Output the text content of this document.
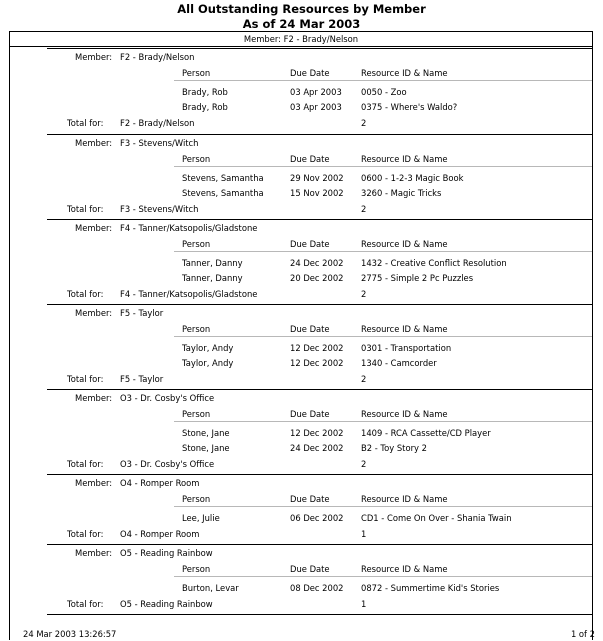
All Outstanding Resources by Member
As of 24 Mar 2003
Member: F2 - Brady/Nelson
Member: F2 - Brady/Nelson
Person	Due Date	Resource ID & Name
Brady, Rob	03 Apr 2003 0050 - Zoo
Brady, Rob	03 Apr 2003 0375 - Where's Waldo?
Total for: F2 - Brady/Nelson	2
Member: F3 - Stevens/Witch
Person	Due Date	Resource ID & Name
Stevens, Samantha	29 Nov 2002 0600 - 1-2-3 Magic Book
Stevens, Samantha	15 Nov 2002 3260 - Magic Tricks
Total for: F3 - Stevens/Witch	2
Member: F4 - Tanner/Katsopolis/Gladstone
Person	Due Date	Resource ID & Name
Tanner, Danny	24 Dec 2002 1432 - Creative Conflict Resolution
Tanner, Danny	20 Dec 2002 2775 - Simple 2 Pc Puzzles
Total for: F4 - Tanner/Katsopolis/Gladstone	2
Member: F5 - Taylor
Person	Due Date	Resource ID & Name
Taylor, Andy	12 Dec 2002 0301 - Transportation
Taylor, Andy	12 Dec 2002 1340 - Camcorder
Total for: F5 - Taylor	2
Member: O3 - Dr. Cosby's Office
Person	Due Date	Resource ID & Name
Stone, Jane	12 Dec 2002 1409 - RCA Cassette/CD Player
Stone, Jane	24 Dec 2002 B2 - Toy Story 2
Total for: O3 - Dr. Cosby's Office	2
Member: O4 - Romper Room
Person	Due Date	Resource ID & Name
Lee, Julie	06 Dec 2002 CD1 - Come On Over - Shania Twain
Total for: O4 - Romper Room	1
Member: O5 - Reading Rainbow
Person	Due Date	Resource ID & Name
Burton, Levar	08 Dec 2002 0872 - Summertime Kid's Stories
Total for: O5 - Reading Rainbow	1
24 Mar 2003 13:26:57	1 of 2
